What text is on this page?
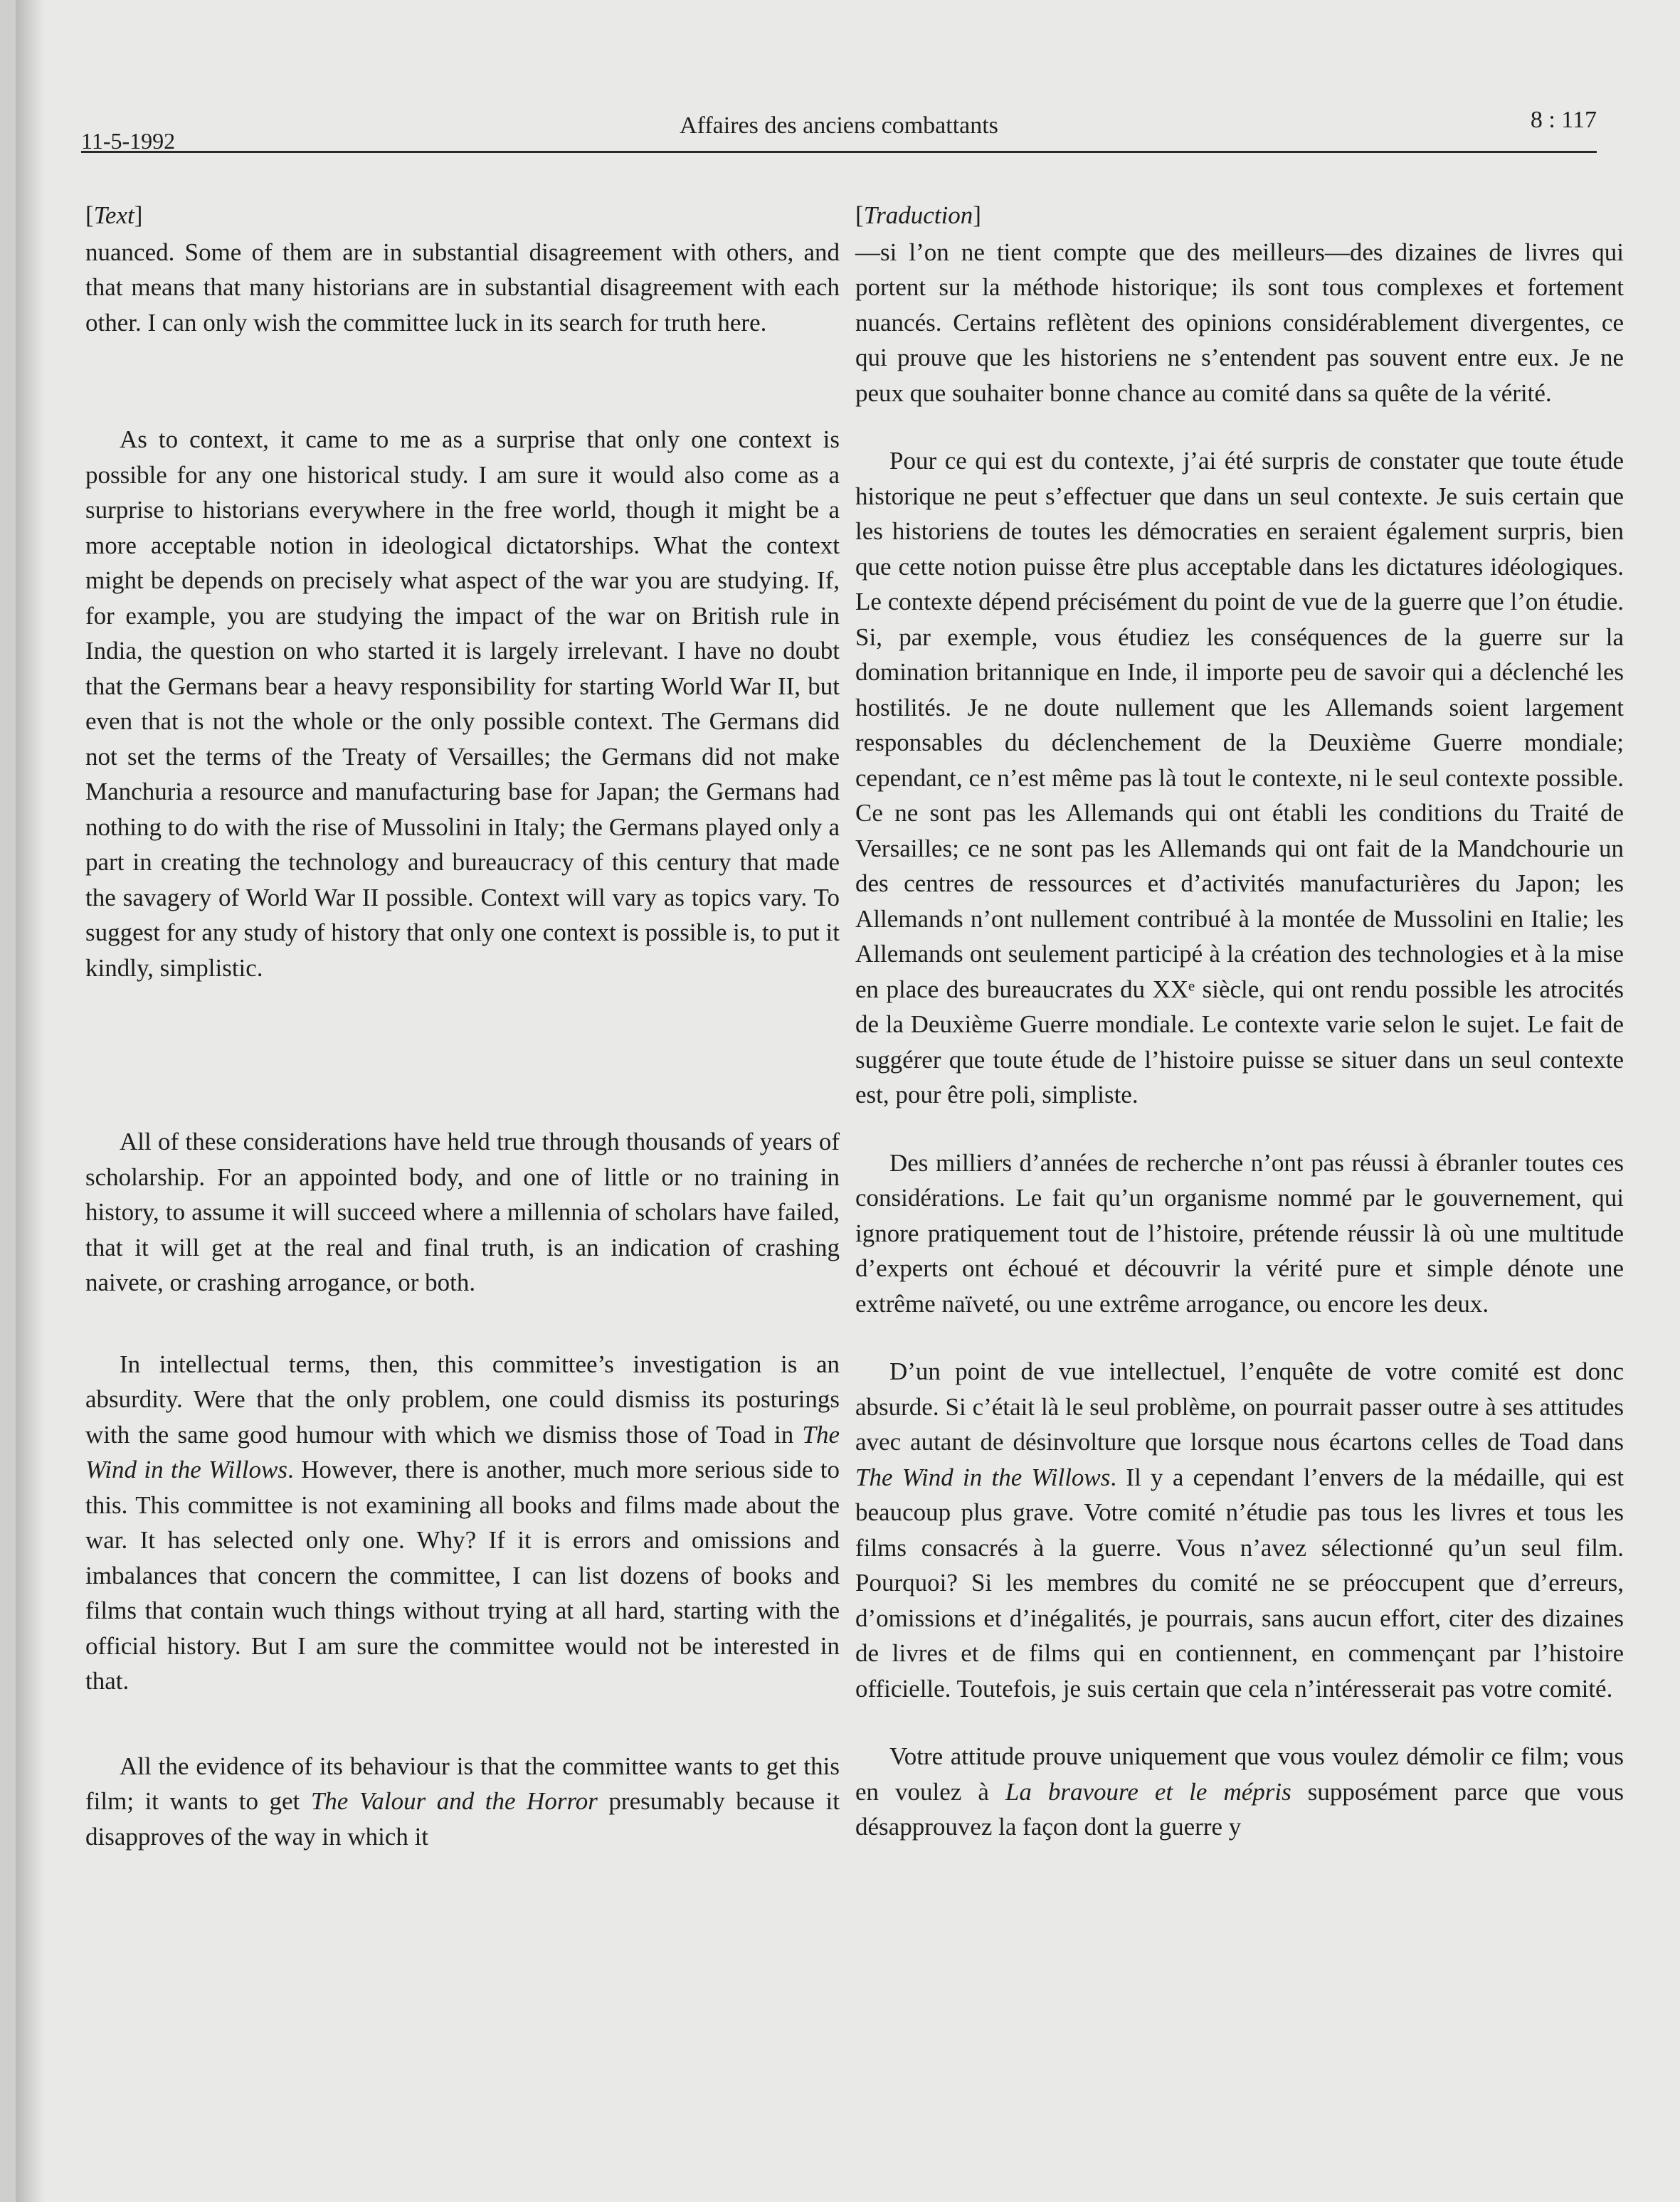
11-5-1992
Affaires des anciens combattants	8 : 117
[Text]

nuanced. Some of them are in substantial disagreement with others, and that means that many historians are in substantial disagreement with each other. I can only wish the committee luck in its search for truth here.

As to context, it came to me as a surprise that only one context is possible for any one historical study. I am sure it would also come as a surprise to historians everywhere in the free world, though it might be a more acceptable notion in ideological dictatorships. What the context might be depends on precisely what aspect of the war you are studying. If, for example, you are studying the impact of the war on British rule in India, the question on who started it is largely irrelevant. I have no doubt that the Germans bear a heavy responsibility for starting World War II, but even that is not the whole or the only possible context. The Germans did not set the terms of the Treaty of Versailles; the Germans did not make Manchuria a resource and manufacturing base for Japan; the Germans had nothing to do with the rise of Mussolini in Italy; the Germans played only a part in creating the technology and bureaucracy of this century that made the savagery of World War II possible. Context will vary as topics vary. To suggest for any study of history that only one context is possible is, to put it kindly, simplistic.

All of these considerations have held true through thousands of years of scholarship. For an appointed body, and one of little or no training in history, to assume it will succeed where a millennia of scholars have failed, that it will get at the real and final truth, is an indication of crashing naivete, or crashing arrogance, or both.

In intellectual terms, then, this committee’s investigation is an absurdity. Were that the only problem, one could dismiss its posturings with the same good humour with which we dismiss those of Toad in The Wind in the Willows. However, there is another, much more serious side to this. This committee is not examining all books and films made about the war. It has selected only one. Why? If it is errors and omissions and imbalances that concern the committee, I can list dozens of books and films that contain wuch things without trying at all hard, starting with the official history. But I am sure the committee would not be interested in that.

All the evidence of its behaviour is that the committee wants to get this film; it wants to get The Valour and the Horror presumably because it disapproves of the way in which it

[Traduction]

—si l’on ne tient compte que des meilleurs—des dizaines de livres qui portent sur la méthode historique; ils sont tous complexes et fortement nuancés. Certains reflètent des opinions considérablement divergentes, ce qui prouve que les historiens ne s’entendent pas souvent entre eux. Je ne peux que souhaiter bonne chance au comité dans sa quête de la vérité.

Pour ce qui est du contexte, j’ai été surpris de constater que toute étude historique ne peut s’effectuer que dans un seul contexte. Je suis certain que les historiens de toutes les démocraties en seraient également surpris, bien que cette notion puisse être plus acceptable dans les dictatures idéologiques. Le contexte dépend précisément du point de vue de la guerre que l’on étudie. Si, par exemple, vous étudiez les conséquences de la guerre sur la domination britannique en Inde, il importe peu de savoir qui a déclenché les hostilités. Je ne doute nullement que les Allemands soient largement responsables du déclenchement de la Deuxième Guerre mondiale; cependant, ce n’est même pas là tout le contexte, ni le seul contexte possible. Ce ne sont pas les Allemands qui ont établi les conditions du Traité de Versailles; ce ne sont pas les Allemands qui ont fait de la Mandchourie un des centres de ressources et d’activités manufacturières du Japon; les Allemands n’ont nullement contribué à la montée de Mussolini en Italie; les Allemands ont seulement participé à la création des technologies et à la mise en place des bureaucrates du XXᵉ siècle, qui ont rendu possible les atrocités de la Deuxième Guerre mondiale. Le contexte varie selon le sujet. Le fait de suggérer que toute étude de l’histoire puisse se situer dans un seul contexte est, pour être poli, simpliste.

Des milliers d’années de recherche n’ont pas réussi à ébranler toutes ces considérations. Le fait qu’un organisme nommé par le gouvernement, qui ignore pratiquement tout de l’histoire, prétende réussir là où une multitude d’experts ont échoué et découvrir la vérité pure et simple dénote une extrême naïveté, ou une extrême arrogance, ou encore les deux.

D’un point de vue intellectuel, l’enquête de votre comité est donc absurde. Si c’était là le seul problème, on pourrait passer outre à ses attitudes avec autant de désinvolture que lorsque nous écartons celles de Toad dans The Wind in the Willows. Il y a cependant l’envers de la médaille, qui est beaucoup plus grave. Votre comité n’étudie pas tous les livres et tous les films consacrés à la guerre. Vous n’avez sélectionné qu’un seul film. Pourquoi? Si les membres du comité ne se préoccupent que d’erreurs, d’omissions et d’inégalités, je pourrais, sans aucun effort, citer des dizaines de livres et de films qui en contiennent, en commençant par l’histoire officielle. Toutefois, je suis certain que cela n’intéresserait pas votre comité.

Votre attitude prouve uniquement que vous voulez démolir ce film; vous en voulez à La bravoure et le mépris supposément parce que vous désapprouvez la façon dont la guerre y
